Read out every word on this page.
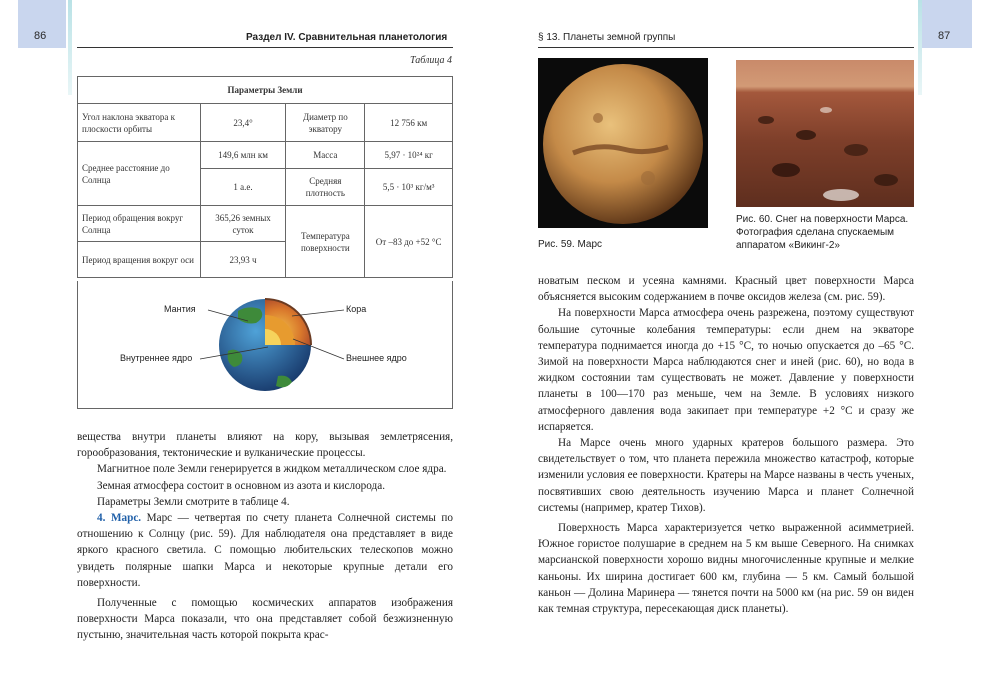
86	Раздел IV. Сравнительная планетология
Таблица 4
Параметры Земли			
Угол наклона экватора к плоскости орбиты	23,4°	Диаметр по экватору	12 756 км
Среднее расстояние до Солнца	149,6 млн км	Масса	5,97 · 10²⁴ кг
	1 а.е.	Средняя плотность	5,5 · 10³ кг/м³
Период обращения вокруг Солнца	365,26 земных суток	Температура поверхности	От –83 до +52 °С
Период вращения вокруг оси	23,93 ч		
Мантия	Кора
Внутреннее ядро	Внешнее ядро

вещества внутри планеты влияют на кору, вызывая землетрясения, горообразования, тектонические и вулканические процессы.

Магнитное поле Земли генерируется в жидком металлическом слое ядра.

Земная атмосфера состоит в основном из азота и кислорода.

Параметры Земли смотрите в таблице 4.

4. Марс. Марс — четвертая по счету планета Солнечной системы по отношению к Солнцу (рис. 59). Для наблюдателя она представляет в виде яркого красного светила. С помощью любительских телескопов можно увидеть полярные шапки Марса и некоторые крупные детали его поверхности.

Полученные с помощью космических аппаратов изображения поверхности Марса показали, что она представляет собой безжизненную пустыню, значительная часть которой покрыта крас-

87
§ 13. Планеты земной группы
Рис. 59. Марс
Рис. 60. Снег на поверхности Марса. Фотография сделана спускаемым аппаратом «Викинг-2»

новатым песком и усеяна камнями. Красный цвет поверхности Марса объясняется высоким содержанием в почве оксидов железа (см. рис. 59).

На поверхности Марса атмосфера очень разрежена, поэтому существуют большие суточные колебания температуры: если днем на экваторе температура поднимается иногда до +15 °С, то ночью опускается до –65 °С. Зимой на поверхности Марса наблюдаются снег и иней (рис. 60), но вода в жидком состоянии там существовать не может. Давление у поверхности планеты в 100—170 раз меньше, чем на Земле. В условиях низкого атмосферного давления вода закипает при температуре +2 °С и сразу же испаряется.

На Марсе очень много ударных кратеров большого размера. Это свидетельствует о том, что планета пережила множество катастроф, которые изменили условия ее поверхности. Кратеры на Марсе названы в честь ученых, посвятивших свою деятельность изучению Марса и планет Солнечной системы (например, кратер Тихов).

Поверхность Марса характеризуется четко выраженной асимметрией. Южное гористое полушарие в среднем на 5 км выше Северного. На снимках марсианской поверхности хорошо видны многочисленные крупные и мелкие каньоны. Их ширина достигает 600 км, глубина — 5 км. Самый большой каньон — Долина Маринера — тянется почти на 5000 км (на рис. 59 он виден как темная структура, пересекающая диск планеты).
